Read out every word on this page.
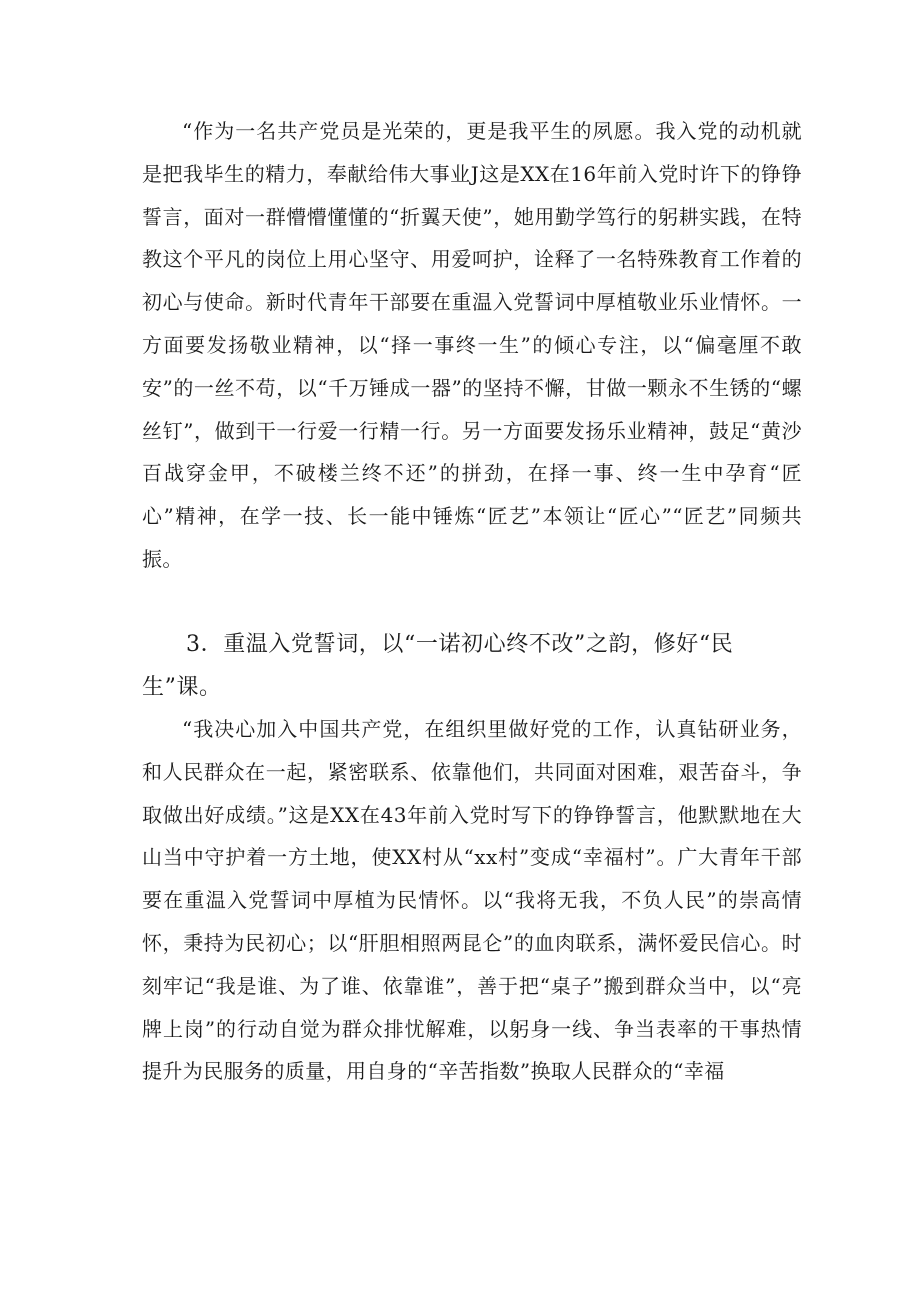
“作为一名共产党员是光荣的，更是我平生的夙愿。我入党的动机就是把我毕生的精力，奉献给伟大事业J这是XX在16年前入党时许下的铮铮誓言，面对一群懵懵懂懂的“折翼天使”，她用勤学笃行的躬耕实践，在特教这个平凡的岗位上用心坚守、用爱呵护，诠释了一名特殊教育工作着的初心与使命。新时代青年干部要在重温入党誓词中厚植敬业乐业情怀。一方面要发扬敬业精神，以“择一事终一生”的倾心专注，以“偏毫厘不敢安”的一丝不苟，以“千万锤成一器”的坚持不懈，甘做一颗永不生锈的“螺丝钉”，做到干一行爱一行精一行。另一方面要发扬乐业精神，鼓足“黄沙百战穿金甲，不破楼兰终不还”的拼劲，在择一事、终一生中孕育“匠心”精神，在学一技、长一能中锤炼“匠艺”本领让“匠心”“匠艺”同频共振。

3．重温入党誓词，以“一诺初心终不改”之韵，修好“民生”课。

“我决心加入中国共产党，在组织里做好党的工作，认真钻研业务，和人民群众在一起，紧密联系、依靠他们，共同面对困难，艰苦奋斗，争取做出好成绩。”这是XX在43年前入党时写下的铮铮誓言，他默默地在大山当中守护着一方土地，使XX村从“xx村”变成“幸福村”。广大青年干部要在重温入党誓词中厚植为民情怀。以“我将无我，不负人民”的崇高情怀，秉持为民初心；以“肝胆相照两昆仑”的血肉联系，满怀爱民信心。时刻牢记“我是谁、为了谁、依靠谁”，善于把“桌子”搬到群众当中，以“亮牌上岗”的行动自觉为群众排忧解难，以躬身一线、争当表率的干事热情提升为民服务的质量，用自身的“辛苦指数”换取人民群众的“幸福
